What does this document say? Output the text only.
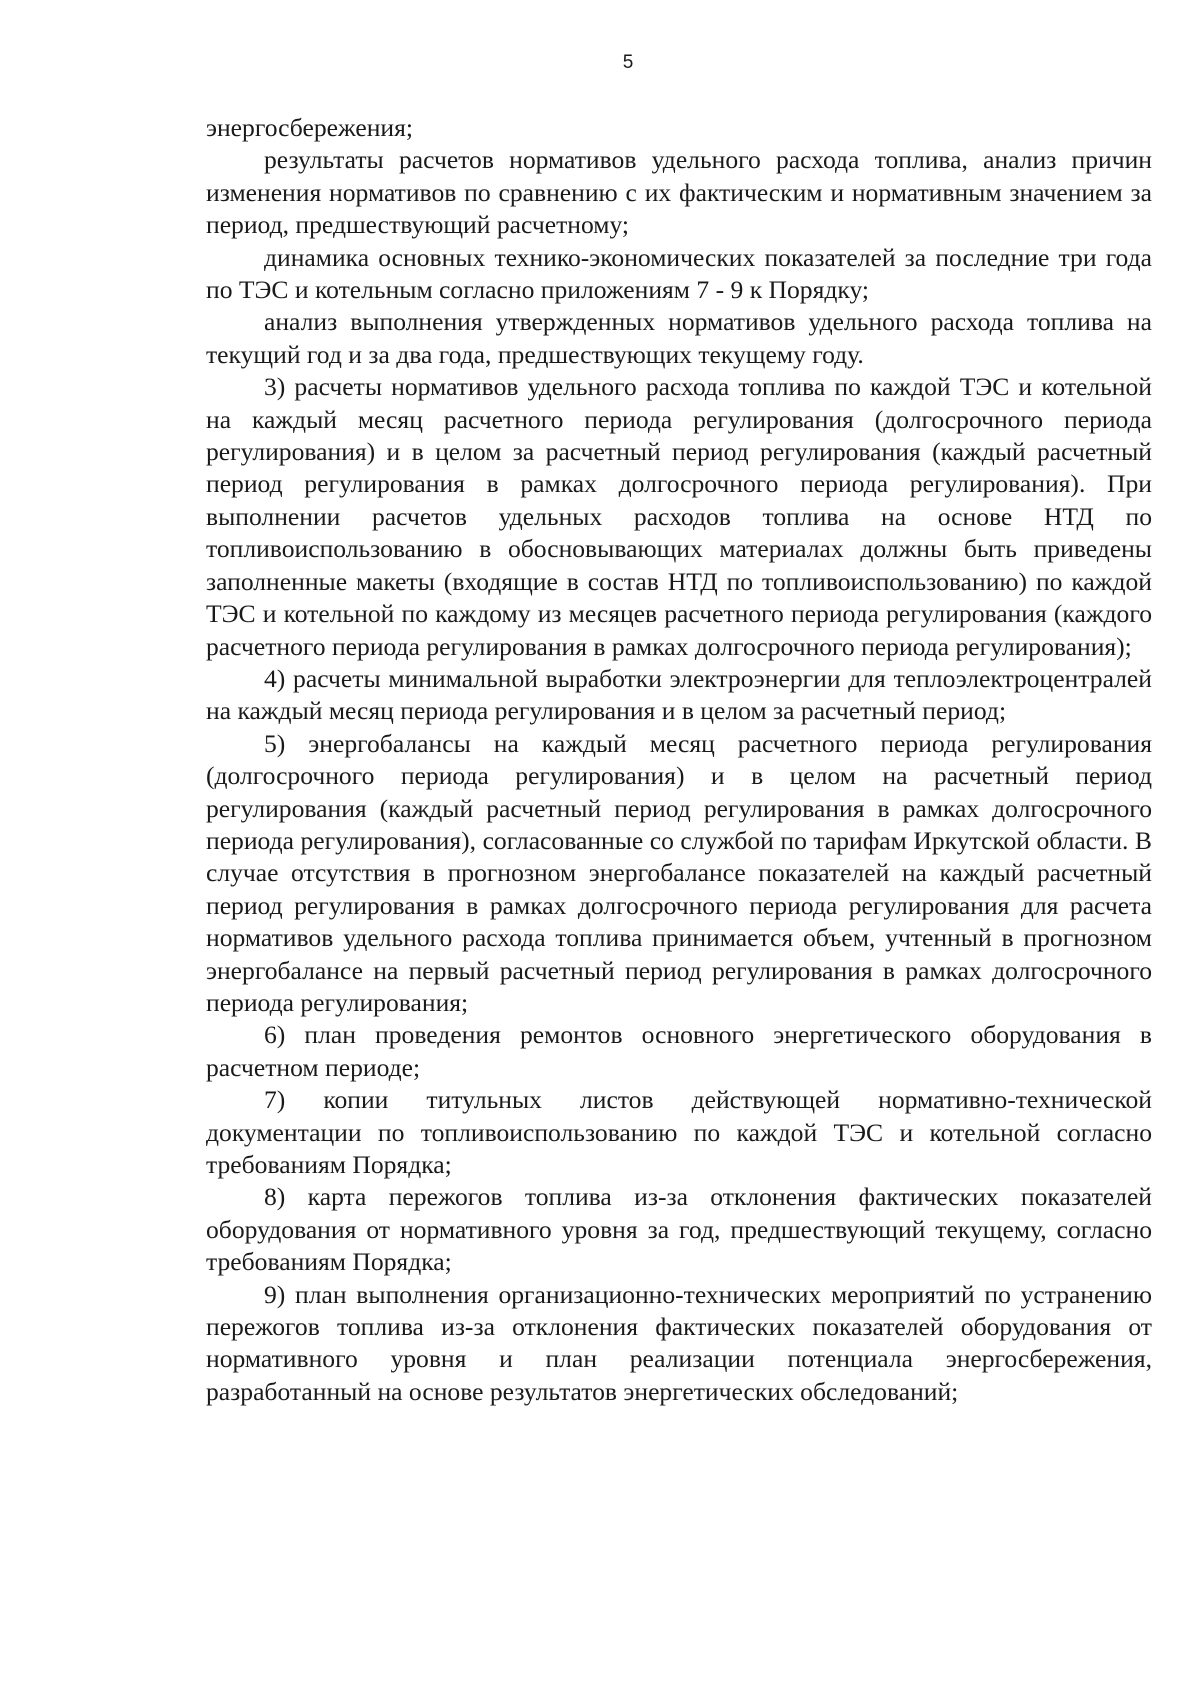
5

энергосбережения;

результаты расчетов нормативов удельного расхода топлива, анализ причин изменения нормативов по сравнению с их фактическим и нормативным значением за период, предшествующий расчетному;

динамика основных технико-экономических показателей за последние три года по ТЭС и котельным согласно приложениям 7 - 9 к Порядку;

анализ выполнения утвержденных нормативов удельного расхода топлива на текущий год и за два года, предшествующих текущему году.

3) расчеты нормативов удельного расхода топлива по каждой ТЭС и котельной на каждый месяц расчетного периода регулирования (долгосрочного периода регулирования) и в целом за расчетный период регулирования (каждый расчетный период регулирования в рамках долгосрочного периода регулирования). При выполнении расчетов удельных расходов топлива на основе НТД по топливоиспользованию в обосновывающих материалах должны быть приведены заполненные макеты (входящие в состав НТД по топливоиспользованию) по каждой ТЭС и котельной по каждому из месяцев расчетного периода регулирования (каждого расчетного периода регулирования в рамках долгосрочного периода регулирования);

4) расчеты минимальной выработки электроэнергии для теплоэлектроцентралей на каждый месяц периода регулирования и в целом за расчетный период;

5) энергобалансы на каждый месяц расчетного периода регулирования (долгосрочного периода регулирования) и в целом на расчетный период регулирования (каждый расчетный период регулирования в рамках долгосрочного периода регулирования), согласованные со службой по тарифам Иркутской области. В случае отсутствия в прогнозном энергобалансе показателей на каждый расчетный период регулирования в рамках долгосрочного периода регулирования для расчета нормативов удельного расхода топлива принимается объем, учтенный в прогнозном энергобалансе на первый расчетный период регулирования в рамках долгосрочного периода регулирования;

6) план проведения ремонтов основного энергетического оборудования в расчетном периоде;

7) копии титульных листов действующей нормативно-технической документации по топливоиспользованию по каждой ТЭС и котельной согласно требованиям Порядка;

8) карта пережогов топлива из-за отклонения фактических показателей оборудования от нормативного уровня за год, предшествующий текущему, согласно требованиям Порядка;

9) план выполнения организационно-технических мероприятий по устранению пережогов топлива из-за отклонения фактических показателей оборудования от нормативного уровня и план реализации потенциала энергосбережения, разработанный на основе результатов энергетических обследований;
